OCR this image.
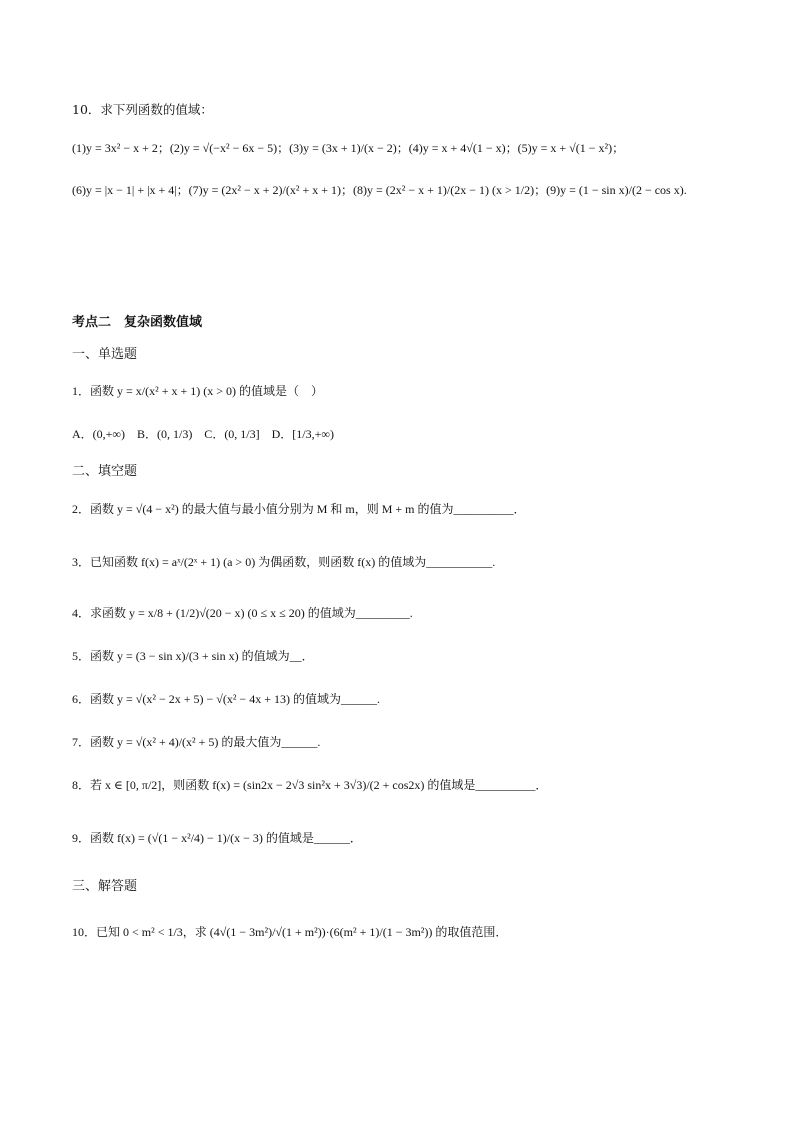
10．求下列函数的值域：
(1)y = 3x² − x + 2；(2)y = √(−x² − 6x − 5)；(3)y = (3x + 1)/(x − 2)；(4)y = x + 4√(1 − x)；(5)y = x + √(1 − x²)；
(6)y = |x − 1| + |x + 4|；(7)y = (2x² − x + 2)/(x² + x + 1)；(8)y = (2x² − x + 1)/(2x − 1) (x > 1/2)；(9)y = (1 − sin x)/(2 − cos x).
考点二　复杂函数值域
一、单选题
1．函数 y = x/(x² + x + 1) (x > 0) 的值域是（　）
A．(0,+∞)　B．(0, 1/3)　C．(0, 1/3]　D．[1/3,+∞)
二、填空题
2．函数 y = √(4 − x²) 的最大值与最小值分别为 M 和 m，则 M + m 的值为__________．
3．已知函数 f(x) = aˣ/(2ˣ + 1) (a > 0) 为偶函数，则函数 f(x) 的值域为___________.
4．求函数 y = x/8 + (1/2)√(20 − x) (0 ≤ x ≤ 20) 的值域为_________.
5．函数 y = (3 − sin x)/(3 + sin x) 的值域为__．
6．函数 y = √(x² − 2x + 5) − √(x² − 4x + 13) 的值域为______.
7．函数 y = √(x² + 4)/(x² + 5) 的最大值为______.
8．若 x ∈ [0, π/2]，则函数 f(x) = (sin2x − 2√3 sin²x + 3√3)/(2 + cos2x) 的值域是__________．
9．函数 f(x) = (√(1 − x²/4) − 1)/(x − 3) 的值域是______．
三、解答题
10．已知 0 < m² < 1/3，求 (4√(1 − 3m²)/√(1 + m²))·(6(m² + 1)/(1 − 3m²)) 的取值范围．
